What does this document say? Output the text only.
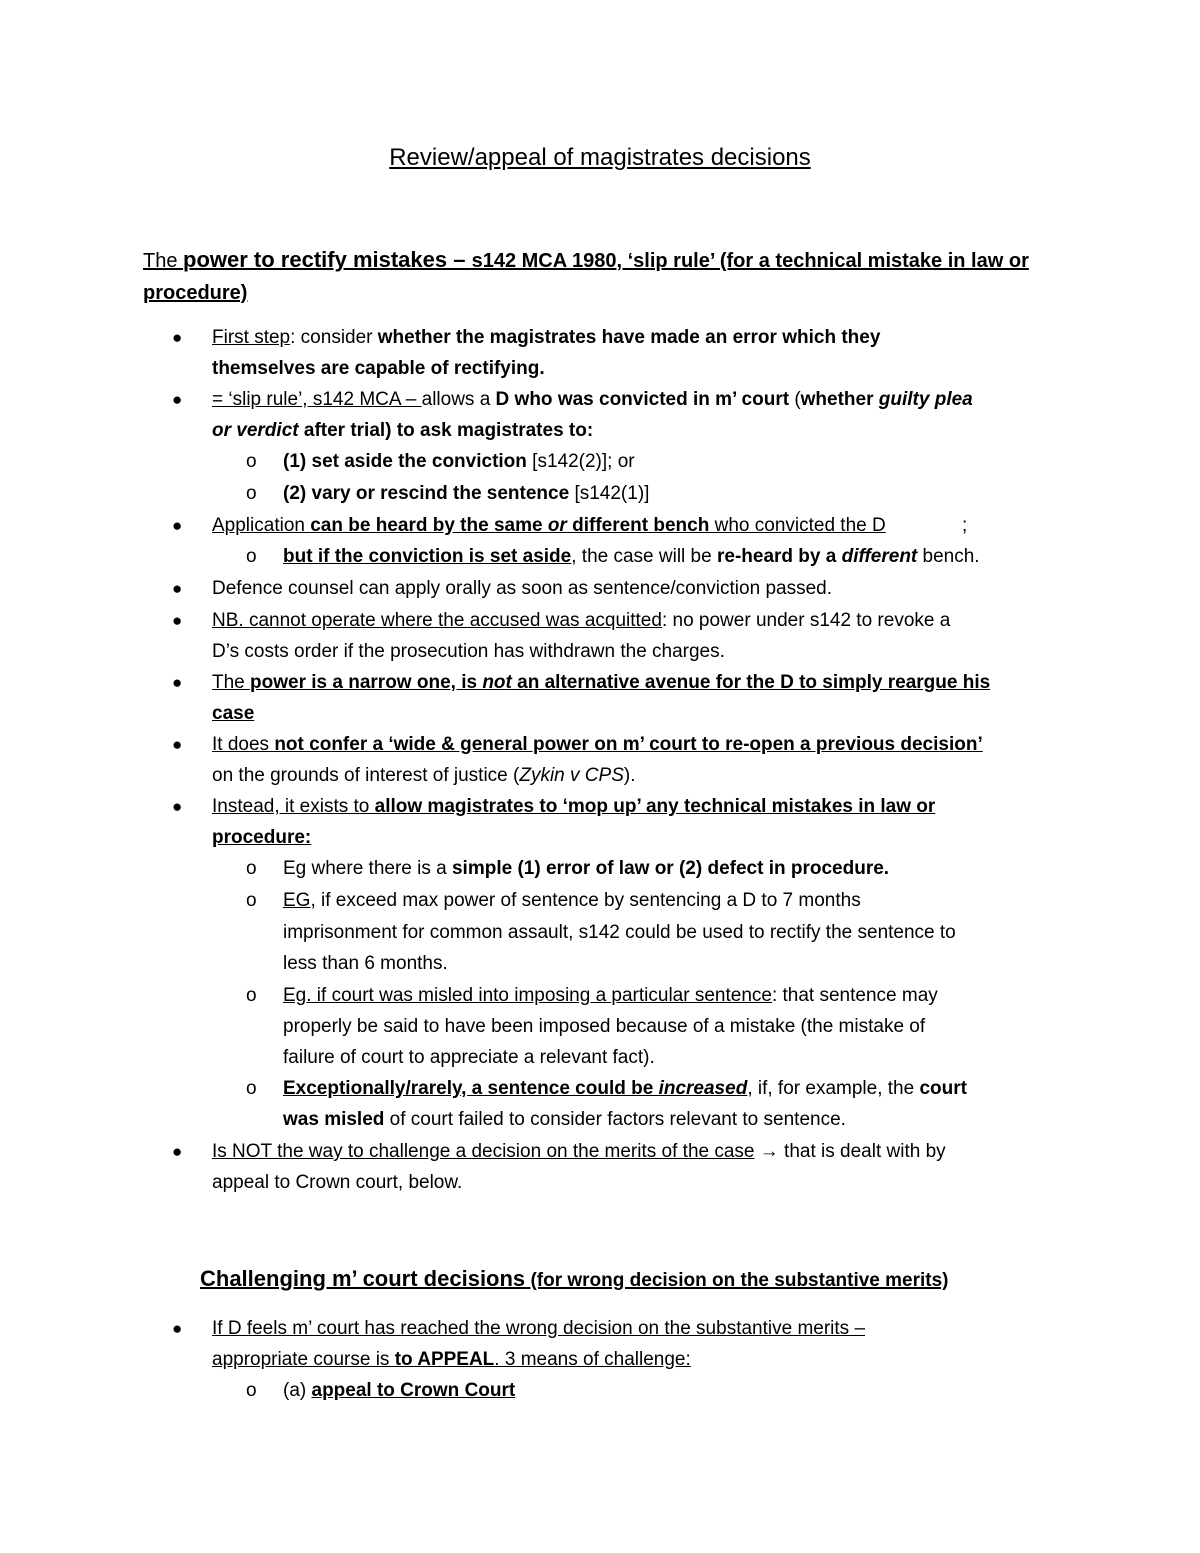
Review/appeal of magistrates decisions
The power to rectify mistakes – s142 MCA 1980, ‘slip rule’ (for a technical mistake in law or procedure)
● First step: consider whether the magistrates have made an error which they
themselves are capable of rectifying.
● = ‘slip rule’, s142 MCA – allows a D who was convicted in m’ court (whether guilty plea
or verdict after trial) to ask magistrates to:
o (1) set aside the conviction [s142(2)]; or
o (2) vary or rescind the sentence [s142(1)]
● Application can be heard by the same or different bench who convicted the D	;
o but if the conviction is set aside, the case will be re-heard by a different bench.
● Defence counsel can apply orally as soon as sentence/conviction passed.
● NB. cannot operate where the accused was acquitted: no power under s142 to revoke a
D’s costs order if the prosecution has withdrawn the charges.
● The power is a narrow one, is not an alternative avenue for the D to simply reargue his
case
● It does not confer a ‘wide & general power on m’ court to re-open a previous decision’
on the grounds of interest of justice (Zykin v CPS).
● Instead, it exists to allow magistrates to ‘mop up’ any technical mistakes in law or
procedure:
o Eg where there is a simple (1) error of law or (2) defect in procedure.
o EG, if exceed max power of sentence by sentencing a D to 7 months
imprisonment for common assault, s142 could be used to rectify the sentence to
less than 6 months.
o Eg. if court was misled into imposing a particular sentence: that sentence may
properly be said to have been imposed because of a mistake (the mistake of
failure of court to appreciate a relevant fact).
o Exceptionally/rarely, a sentence could be increased, if, for example, the court
was misled of court failed to consider factors relevant to sentence.
● Is NOT the way to challenge a decision on the merits of the case → that is dealt with by
appeal to Crown court, below.
Challenging m’ court decisions (for wrong decision on the substantive merits)
● If D feels m’ court has reached the wrong decision on the substantive merits –
appropriate course is to APPEAL. 3 means of challenge:
o (a) appeal to Crown Court
